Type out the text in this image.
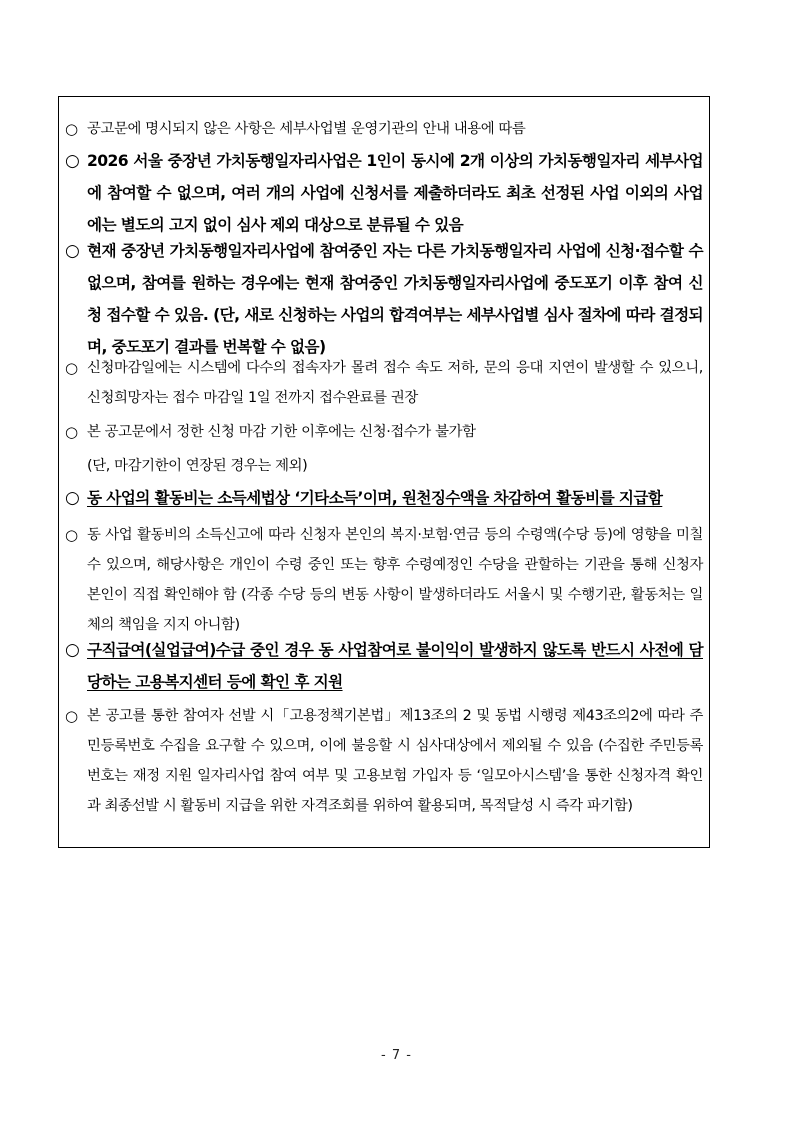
○ 공고문에 명시되지 않은 사항은 세부사업별 운영기관의 안내 내용에 따름
○ 2026 서울 중장년 가치동행일자리사업은 1인이 동시에 2개 이상의 가치동행일자리 세부사업에 참여할 수 없으며, 여러 개의 사업에 신청서를 제출하더라도 최초 선정된 사업 이외의 사업에는 별도의 고지 없이 심사 제외 대상으로 분류될 수 있음
○ 현재 중장년 가치동행일자리사업에 참여중인 자는 다른 가치동행일자리 사업에 신청·접수할 수 없으며, 참여를 원하는 경우에는 현재 참여중인 가치동행일자리사업에 중도포기 이후 참여 신청 접수할 수 있음. (단, 새로 신청하는 사업의 합격여부는 세부사업별 심사 절차에 따라 결정되며, 중도포기 결과를 번복할 수 없음)
○ 신청마감일에는 시스템에 다수의 접속자가 몰려 접수 속도 저하, 문의 응대 지연이 발생할 수 있으니, 신청희망자는 접수 마감일 1일 전까지 접수완료를 권장
○ 본 공고문에서 정한 신청 마감 기한 이후에는 신청·접수가 불가함
(단, 마감기한이 연장된 경우는 제외)
○ 동 사업의 활동비는 소득세법상 ‘기타소득’이며, 원천징수액을 차감하여 활동비를 지급함
○ 동 사업 활동비의 소득신고에 따라 신청자 본인의 복지·보험·연금 등의 수령액(수당 등)에 영향을 미칠 수 있으며, 해당사항은 개인이 수령 중인 또는 향후 수령예정인 수당을 관할하는 기관을 통해 신청자 본인이 직접 확인해야 함 (각종 수당 등의 변동 사항이 발생하더라도 서울시 및 수행기관, 활동처는 일체의 책임을 지지 아니함)
○ 구직급여(실업급여)수급 중인 경우 동 사업참여로 불이익이 발생하지 않도록 반드시 사전에 담당하는 고용복지센터 등에 확인 후 지원
○ 본 공고를 통한 참여자 선발 시「고용정책기본법」제13조의 2 및 동법 시행령 제43조의2에 따라 주민등록번호 수집을 요구할 수 있으며, 이에 불응할 시 심사대상에서 제외될 수 있음 (수집한 주민등록번호는 재정 지원 일자리사업 참여 여부 및 고용보험 가입자 등 ‘일모아시스템’을 통한 신청자격 확인과 최종선발 시 활동비 지급을 위한 자격조회를 위하여 활용되며, 목적달성 시 즉각 파기함)
- 7 -
